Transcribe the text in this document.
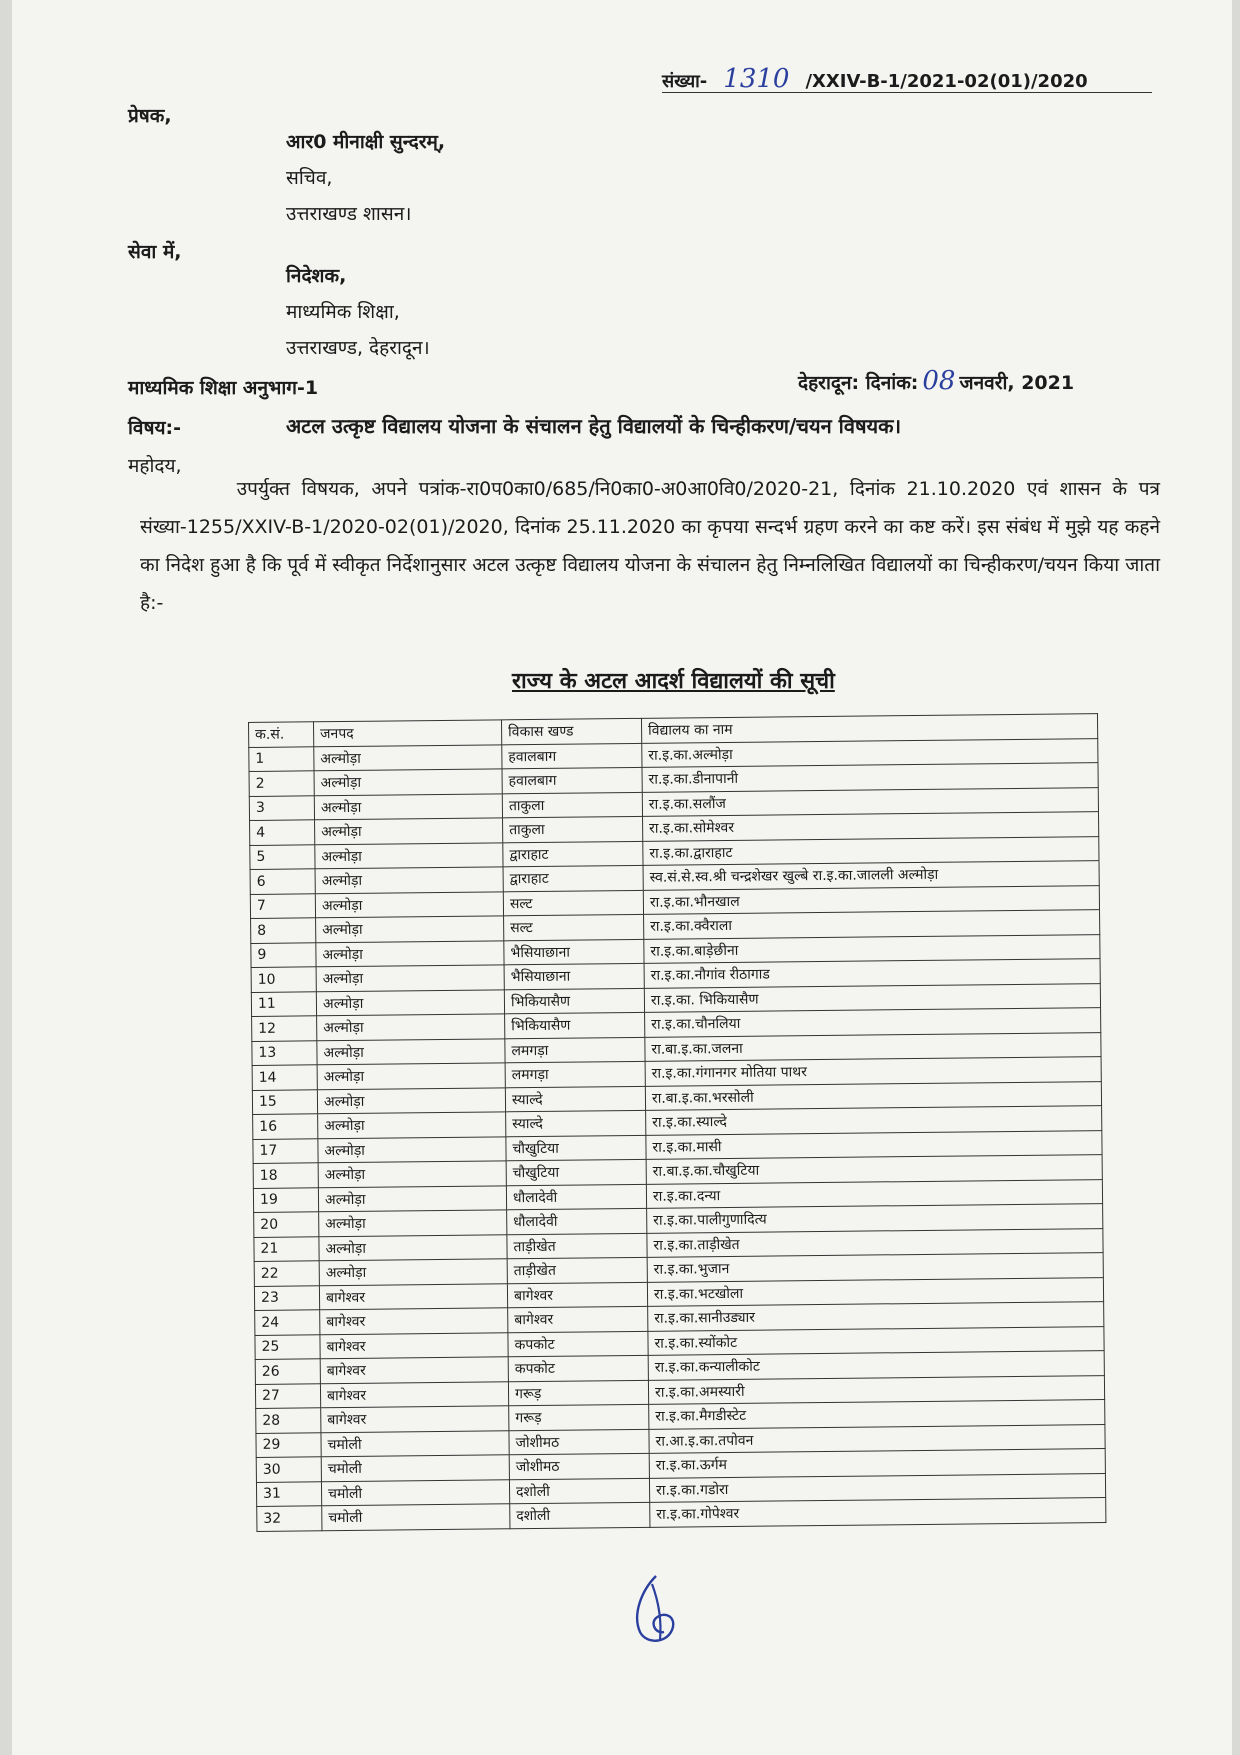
संख्या- 1310 /XXIV-B-1/2021-02(01)/2020
प्रेषक,
आर0 मीनाक्षी सुन्दरम्,
सचिव,
उत्तराखण्ड शासन।
सेवा में,
निदेशक,
माध्यमिक शिक्षा,
उत्तराखण्ड, देहरादून।
माध्यमिक शिक्षा अनुभाग-1	देहरादून: दिनांक: 08 जनवरी, 2021
विषय:-	अटल उत्कृष्ट विद्यालय योजना के संचालन हेतु विद्यालयों के चिन्हीकरण/चयन विषयक।
महोदय,
उपर्युक्त विषयक, अपने पत्रांक-रा0प0का0/685/नि0का0-अ0आ0वि0/2020-21, दिनांक 21.10.2020 एवं शासन के पत्र संख्या-1255/XXIV-B-1/2020-02(01)/2020, दिनांक 25.11.2020 का कृपया सन्दर्भ ग्रहण करने का कष्ट करें। इस संबंध में मुझे यह कहने का निदेश हुआ है कि पूर्व में स्वीकृत निर्देशानुसार अटल उत्कृष्ट विद्यालय योजना के संचालन हेतु निम्नलिखित विद्यालयों का चिन्हीकरण/चयन किया जाता है:-
राज्य के अटल आदर्श विद्यालयों की सूची
क.सं.	जनपद	विकास खण्ड	विद्यालय का नाम
1	अल्मोड़ा	हवालबाग	रा.इ.का.अल्मोड़ा
2	अल्मोड़ा	हवालबाग	रा.इ.का.डीनापानी
3	अल्मोड़ा	ताकुला	रा.इ.का.सलौंज
4	अल्मोड़ा	ताकुला	रा.इ.का.सोमेश्वर
5	अल्मोड़ा	द्वाराहाट	रा.इ.का.द्वाराहाट
6	अल्मोड़ा	द्वाराहाट	स्व.सं.से.स्व.श्री चन्द्रशेखर खुल्बे रा.इ.का.जालली अल्मोड़ा
7	अल्मोड़ा	सल्ट	रा.इ.का.भौनखाल
8	अल्मोड़ा	सल्ट	रा.इ.का.क्वैराला
9	अल्मोड़ा	भैसियाछाना	रा.इ.का.बाड़ेछीना
10	अल्मोड़ा	भैसियाछाना	रा.इ.का.नौगांव रीठागाड
11	अल्मोड़ा	भिकियासैण	रा.इ.का. भिकियासैण
12	अल्मोड़ा	भिकियासैण	रा.इ.का.चौनलिया
13	अल्मोड़ा	लमगड़ा	रा.बा.इ.का.जलना
14	अल्मोड़ा	लमगड़ा	रा.इ.का.गंगानगर मोतिया पाथर
15	अल्मोड़ा	स्याल्दे	रा.बा.इ.का.भरसोली
16	अल्मोड़ा	स्याल्दे	रा.इ.का.स्याल्दे
17	अल्मोड़ा	चौखुटिया	रा.इ.का.मासी
18	अल्मोड़ा	चौखुटिया	रा.बा.इ.का.चौखुटिया
19	अल्मोड़ा	धौलादेवी	रा.इ.का.दन्या
20	अल्मोड़ा	धौलादेवी	रा.इ.का.पालीगुणादित्य
21	अल्मोड़ा	ताड़ीखेत	रा.इ.का.ताड़ीखेत
22	अल्मोड़ा	ताड़ीखेत	रा.इ.का.भुजान
23	बागेश्वर	बागेश्वर	रा.इ.का.भटखोला
24	बागेश्वर	बागेश्वर	रा.इ.का.सानीउड्यार
25	बागेश्वर	कपकोट	रा.इ.का.स्योंकोट
26	बागेश्वर	कपकोट	रा.इ.का.कन्यालीकोट
27	बागेश्वर	गरूड़	रा.इ.का.अमस्यारी
28	बागेश्वर	गरूड़	रा.इ.का.मैगडीस्टेट
29	चमोली	जोशीमठ	रा.आ.इ.का.तपोवन
30	चमोली	जोशीमठ	रा.इ.का.ऊर्गम
31	चमोली	दशोली	रा.इ.का.गडोरा
32	चमोली	दशोली	रा.इ.का.गोपेश्वर
